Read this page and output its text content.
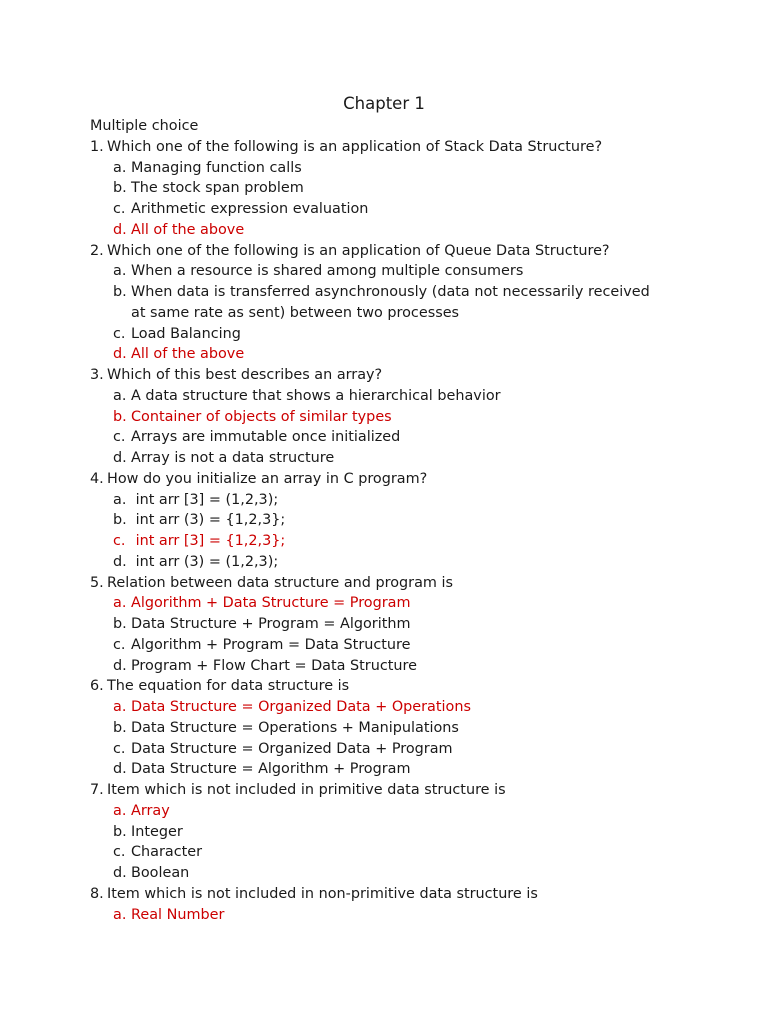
Chapter 1
Multiple choice
1. Which one of the following is an application of Stack Data Structure?
a. Managing function calls
b. The stock span problem
c. Arithmetic expression evaluation
d. All of the above
2. Which one of the following is an application of Queue Data Structure?
a. When a resource is shared among multiple consumers
b. When data is transferred asynchronously (data not necessarily received
at same rate as sent) between two processes
c. Load Balancing
d. All of the above
3. Which of this best describes an array?
a. A data structure that shows a hierarchical behavior
b. Container of objects of similar types
c. Arrays are immutable once initialized
d. Array is not a data structure
4. How do you initialize an array in C program?
a. int arr [3] = (1,2,3);
b. int arr (3) = {1,2,3};
c. int arr [3] = {1,2,3};
d. int arr (3) = (1,2,3);
5. Relation between data structure and program is
a. Algorithm + Data Structure = Program
b. Data Structure + Program = Algorithm
c. Algorithm + Program = Data Structure
d. Program + Flow Chart = Data Structure
6. The equation for data structure is
a. Data Structure = Organized Data + Operations
b. Data Structure = Operations + Manipulations
c. Data Structure = Organized Data + Program
d. Data Structure = Algorithm + Program
7. Item which is not included in primitive data structure is
a. Array
b. Integer
c. Character
d. Boolean
8. Item which is not included in non-primitive data structure is
a. Real Number
